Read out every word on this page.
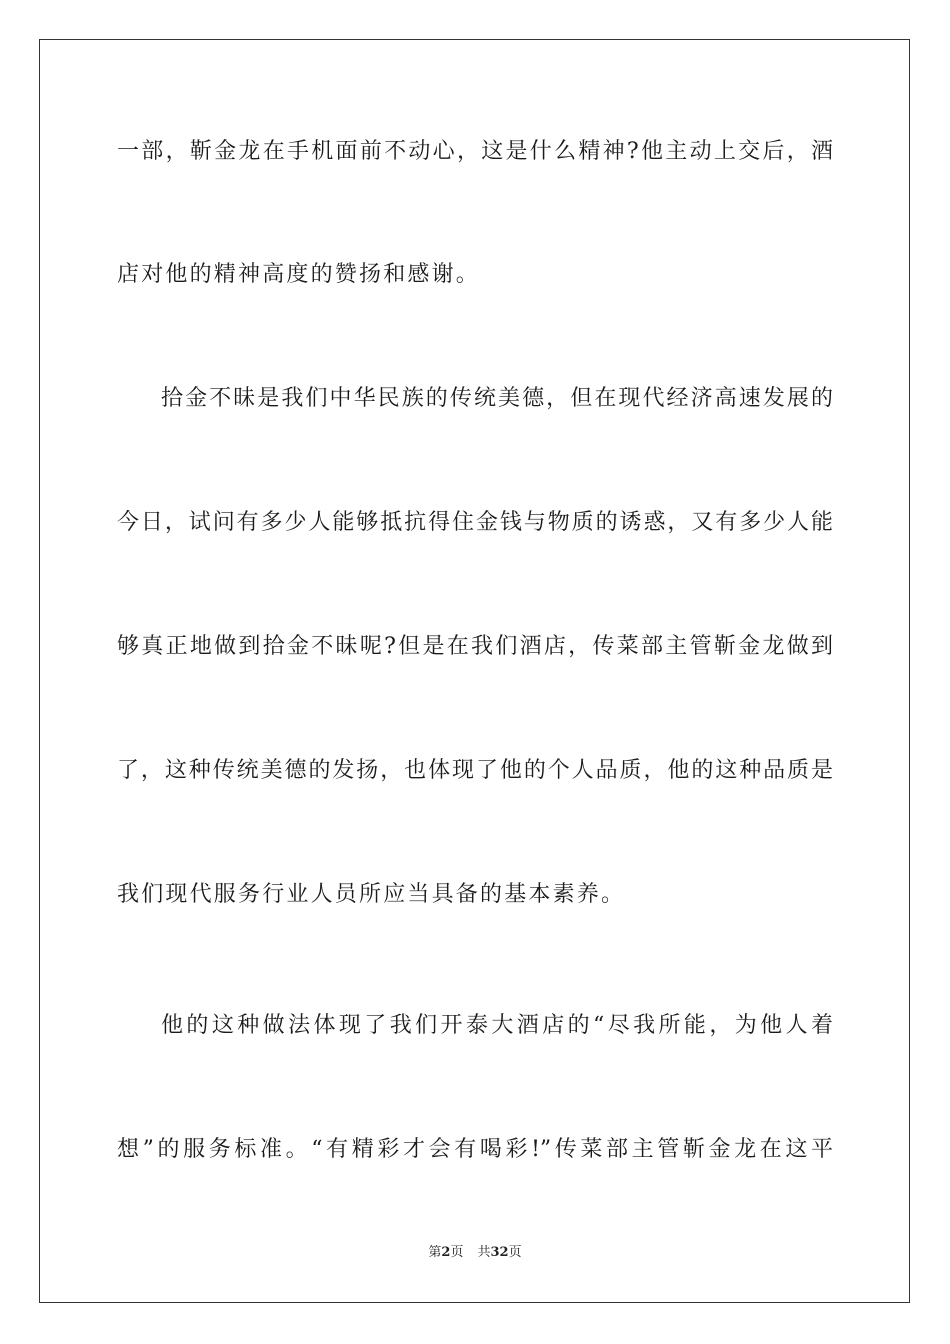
一部，靳金龙在手机面前不动心，这是什么精神?他主动上交后，酒
店对他的精神高度的赞扬和感谢。
拾金不昧是我们中华民族的传统美德，但在现代经济高速发展的
今日，试问有多少人能够抵抗得住金钱与物质的诱惑，又有多少人能
够真正地做到拾金不昧呢?但是在我们酒店，传菜部主管靳金龙做到
了，这种传统美德的发扬，也体现了他的个人品质，他的这种品质是
我们现代服务行业人员所应当具备的基本素养。
他的这种做法体现了我们开泰大酒店的“尽我所能，为他人着
想”的服务标准。“有精彩才会有喝彩!”传菜部主管靳金龙在这平
第2页 共32页
